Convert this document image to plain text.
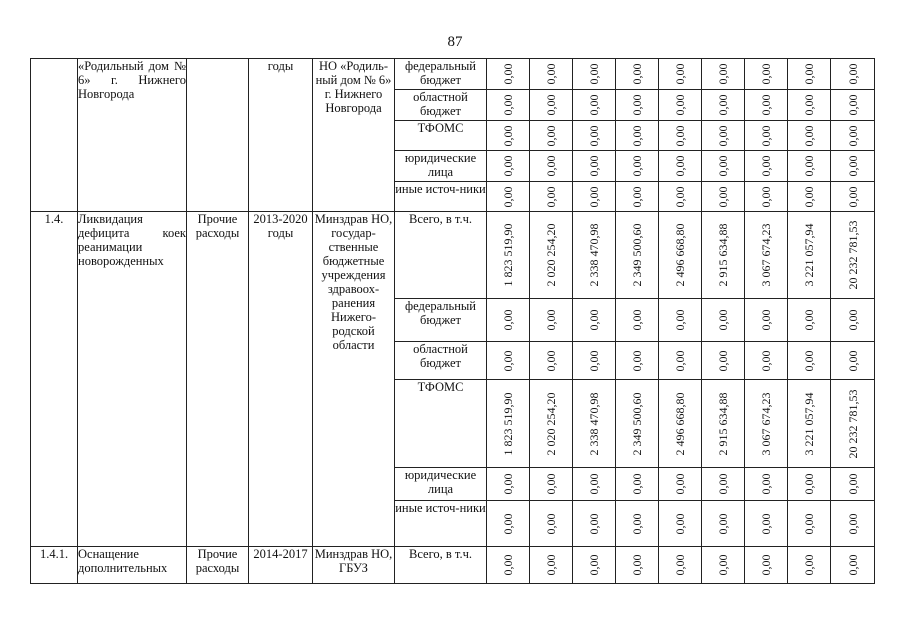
87
	«Родильный дом № 6» г. Нижнего Новгорода		годы	НО «Родиль-ный дом № 6» г. Нижнего Новгорода	федеральный бюджет	0,00	0,00	0,00	0,00	0,00	0,00	0,00	0,00	0,00

					областной бюджет	0,00	0,00	0,00	0,00	0,00	0,00	0,00	0,00	0,00

					ТФОМС	0,00	0,00	0,00	0,00	0,00	0,00	0,00	0,00	0,00

					юридические лица	0,00	0,00	0,00	0,00	0,00	0,00	0,00	0,00	0,00

					иные источ-ники	0,00	0,00	0,00	0,00	0,00	0,00	0,00	0,00	0,00

1.4.	Ликвидация дефицита коек реанимации новорожденных	Прочие расходы	2013-2020 годы	Минздрав НО, государ-ственные бюджетные учреждения здравоох-ранения Нижего-родской области	Всего, в т.ч.	1 823 519,90	2 020 254,20	2 338 470,98	2 349 500,60	2 496 668,80	2 915 634,88	3 067 674,23	3 221 057,94	20 232 781,53

					федеральный бюджет	0,00	0,00	0,00	0,00	0,00	0,00	0,00	0,00	0,00

					областной бюджет	0,00	0,00	0,00	0,00	0,00	0,00	0,00	0,00	0,00

					ТФОМС	1 823 519,90	2 020 254,20	2 338 470,98	2 349 500,60	2 496 668,80	2 915 634,88	3 067 674,23	3 221 057,94	20 232 781,53

					юридические лица	0,00	0,00	0,00	0,00	0,00	0,00	0,00	0,00	0,00

					иные источ-ники	0,00	0,00	0,00	0,00	0,00	0,00	0,00	0,00	0,00

1.4.1.	Оснащение дополнительных	Прочие расходы	2014-2017	Минздрав НО, ГБУЗ	Всего, в т.ч.	0,00	0,00	0,00	0,00	0,00	0,00	0,00	0,00	0,00
